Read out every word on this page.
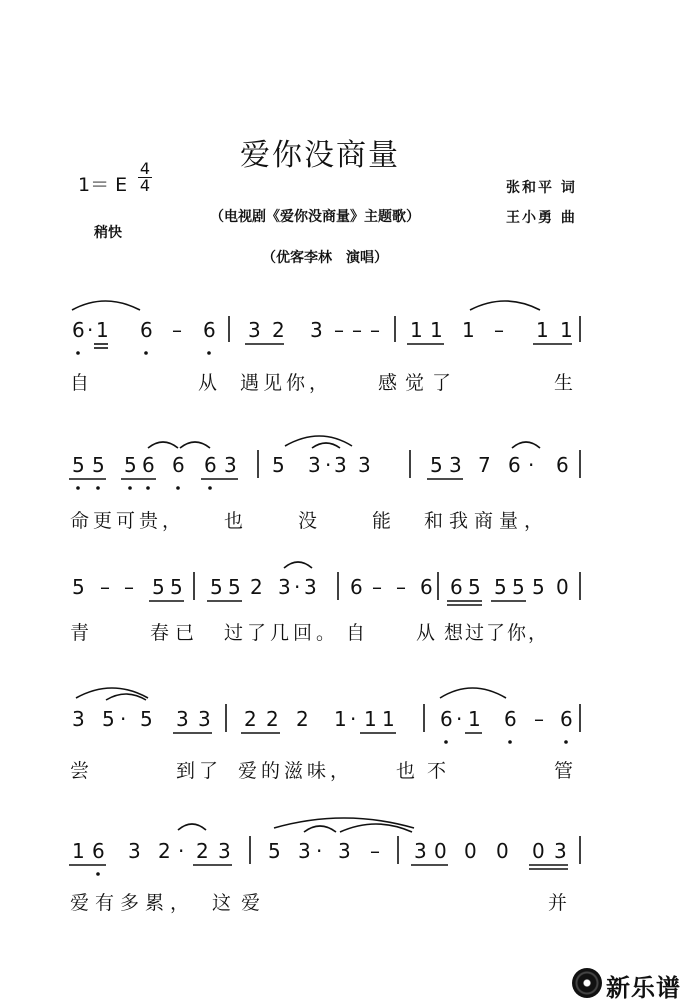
爱你没商量
1＝ E
4
4
（电视剧《爱你没商量》主题歌）
张和平 词
王小勇 曲
稍快
（优客李林　演唱）
6 · 1 6 – 6 3 2 3 – – – 1 1 1 – 1 1
自	从 遇见你， 感觉了	生
5 5 5 6 6 6 3 5 3 · 3 3	5 3 7 6 · 6
命更可贵， 也	没	能 和我商量，
5 – – 5 5 5 5 2 3 · 3 6 – – 6 6 5 5 5 5 0
青	春已 过了几回。 自	从 想过了你，
3 5 · 5 3 3 2 2 2 1 · 1 1 6 · 1 6 – 6
尝	到了 爱的滋味， 也不	管
1 6 3 2 · 2 3 5 3 · 3 – 3 0 0 0 0 3
爱有多累， 这爱	并
新乐谱
